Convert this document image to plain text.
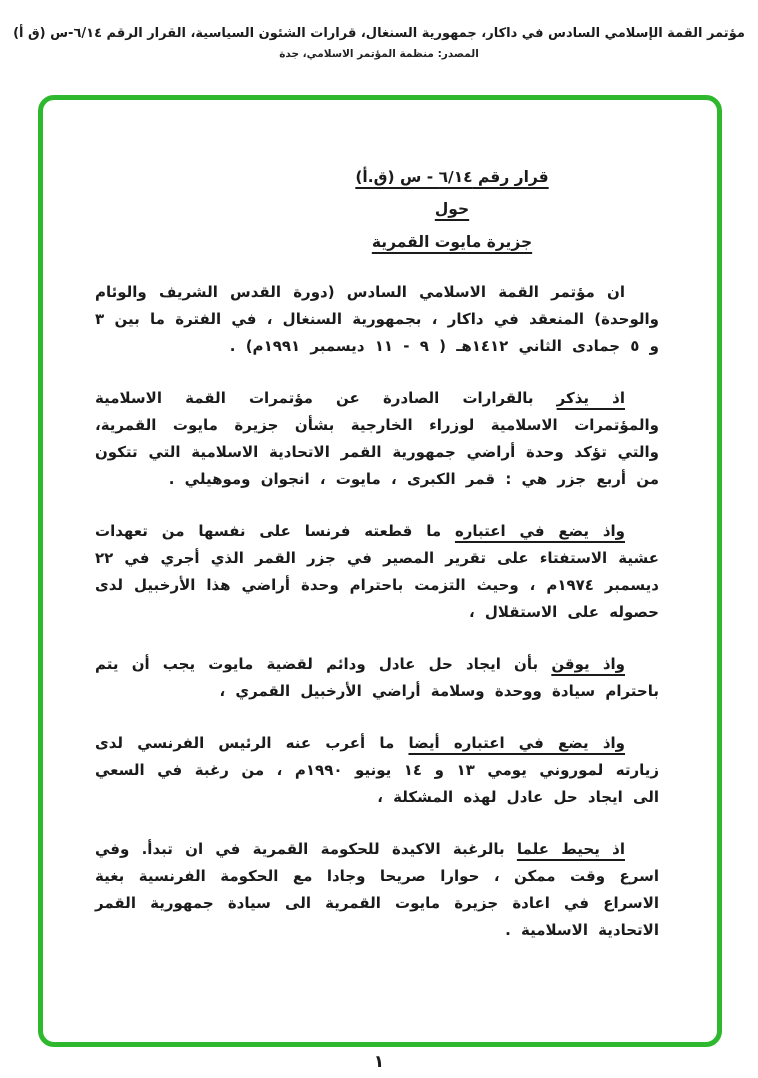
مؤتمر القمة الإسلامي السادس في داكار، جمهورية السنغال، قرارات الشئون السياسية، القرار الرقم ٦/١٤-س (ق أ)
المصدر: منظمة المؤتمر الاسلامي، جدة
قرار رقم ٦/١٤ - س (ق.أ)
حول
جزيرة مايوت القمرية
ان مؤتمر القمة الاسلامي السادس (دورة القدس الشريف والوئام والوحدة) المنعقد في داكار ، بجمهورية السنغال ، في الفترة ما بين ٣ و ٥ جمادى الثاني ١٤١٢هـ ( ٩ - ١١ ديسمبر ١٩٩١م) .
اذ يذكر بالقرارات الصادرة عن مؤتمرات القمة الاسلامية والمؤتمرات الاسلامية لوزراء الخارجية بشأن جزيرة مايوت القمرية، والتي تؤكد وحدة أراضي جمهورية القمر الاتحادية الاسلامية التي تتكون من أربع جزر هي : قمر الكبرى ، مايوت ، انجوان وموهيلي .
واذ يضع في اعتباره ما قطعته فرنسا على نفسها من تعهدات عشية الاستفتاء على تقرير المصير في جزر القمر الذي أجري في ٢٢ ديسمبر ١٩٧٤م ، وحيث التزمت باحترام وحدة أراضي هذا الأرخبيل لدى حصوله على الاستقلال ،
واذ يوقن بأن ايجاد حل عادل ودائم لقضية مايوت يجب أن يتم باحترام سيادة ووحدة وسلامة أراضي الأرخبيل القمري ،
واذ يضع في اعتباره أيضا ما أعرب عنه الرئيس الفرنسي لدى زيارته لموروني يومي ١٣ و ١٤ يونيو ١٩٩٠م ، من رغبة في السعي الى ايجاد حل عادل لهذه المشكلة ،
اذ يحيط علما بالرغبة الاكيدة للحكومة القمرية في ان تبدأ. وفي اسرع وقت ممكن ، حوارا صريحا وجادا مع الحكومة الفرنسية بغية الاسراع في اعادة جزيرة مايوت القمرية الى سيادة جمهورية القمر الاتحادية الاسلامية .
١
